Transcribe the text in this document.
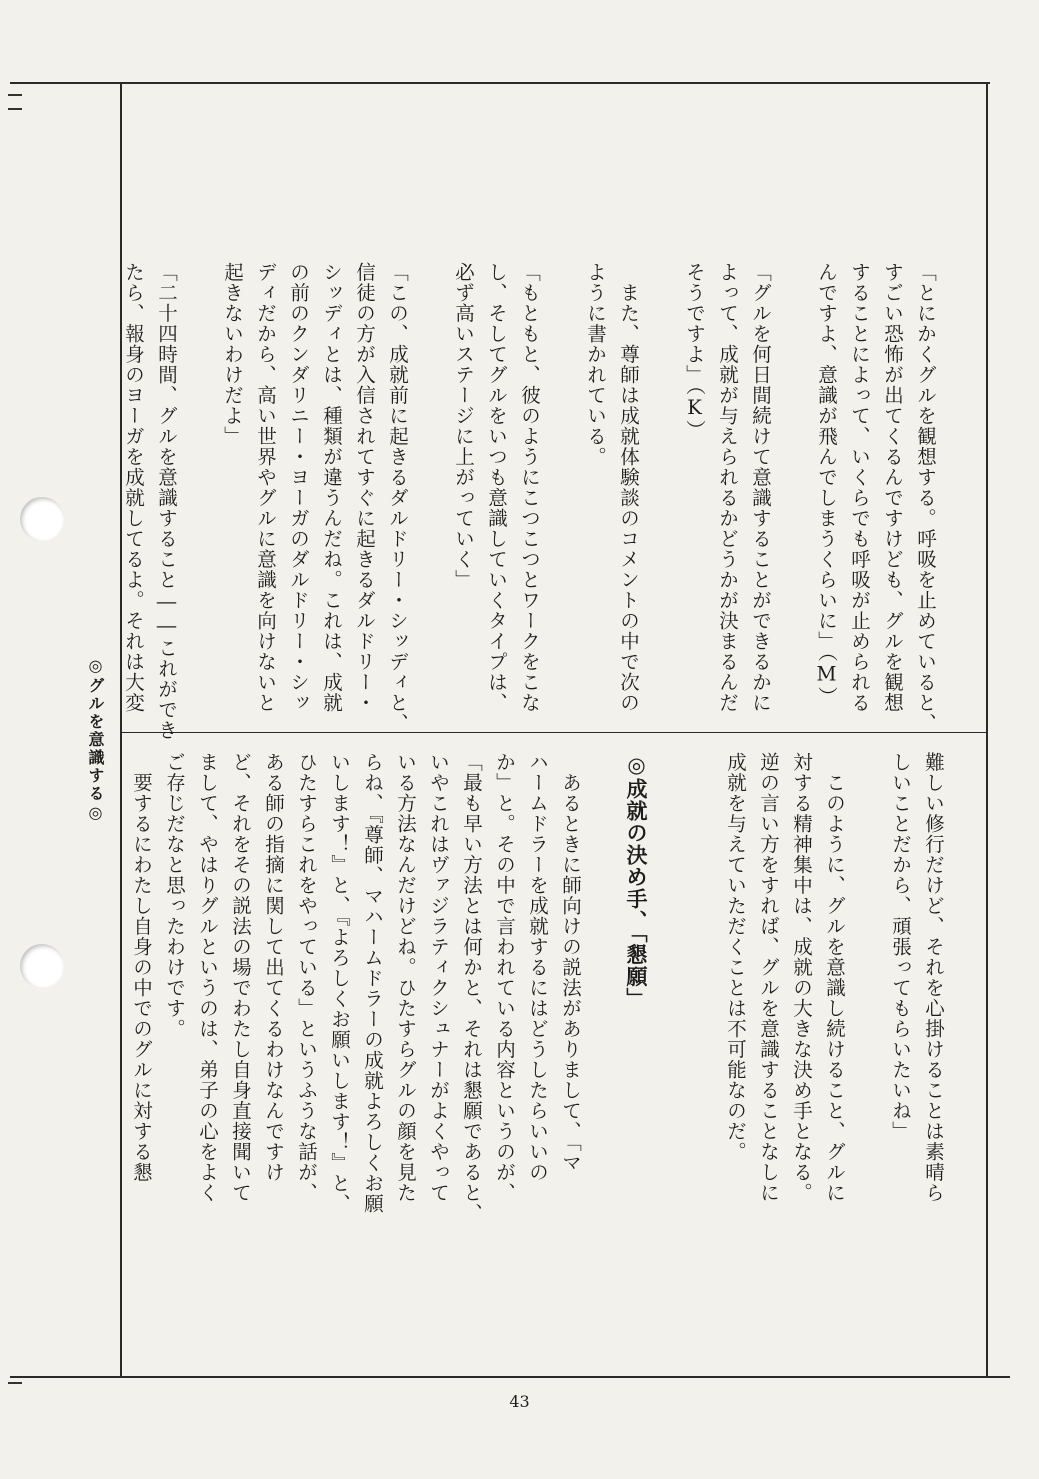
◎グルを意識する◎

「とにかくグルを観想する。呼吸を止めていると、

すごい恐怖が出てくるんですけども、グルを観想

することによって、いくらでも呼吸が止められる

んですよ、意識が飛んでしまうくらいに」（M）

「グルを何日間続けて意識することができるかに

よって、成就が与えられるかどうかが決まるんだ

そうですよ」（K）

　また、尊師は成就体験談のコメントの中で次の

ように書かれている。

「もともと、彼のようにこつこつとワークをこな

し、そしてグルをいつも意識していくタイプは、

必ず高いステージに上がっていく」

「この、成就前に起きるダルドリー・シッディと、

信徒の方が入信されてすぐに起きるダルドリー・

シッディとは、種類が違うんだね。これは、成就

の前のクンダリニー・ヨーガのダルドリー・シッ

ディだから、高い世界やグルに意識を向けないと

起きないわけだよ」

「二十四時間、グルを意識すること――これができ

たら、報身のヨーガを成就してるよ。それは大変

難しい修行だけど、それを心掛けることは素晴ら

しいことだから、頑張ってもらいたいね」

　このように、グルを意識し続けること、グルに

対する精神集中は、成就の大きな決め手となる。

逆の言い方をすれば、グルを意識することなしに

成就を与えていただくことは不可能なのだ。

◎成就の決め手、「懇願」

　あるときに師向けの説法がありまして、「マ

ハームドラーを成就するにはどうしたらいいの

か」と。その中で言われている内容というのが、

「最も早い方法とは何かと、それは懇願であると、

いやこれはヴァジラティクシュナーがよくやって

いる方法なんだけどね。ひたすらグルの顔を見た

らね、『尊師、マハームドラーの成就よろしくお願

いします！』と、『よろしくお願いします！』と、

ひたすらこれをやっている」というふうな話が、

ある師の指摘に関して出てくるわけなんですけ

ど、それをその説法の場でわたし自身直接聞いて

まして、やはりグルというのは、弟子の心をよく

ご存じだなと思ったわけです。

　要するにわたし自身の中でのグルに対する懇

43
